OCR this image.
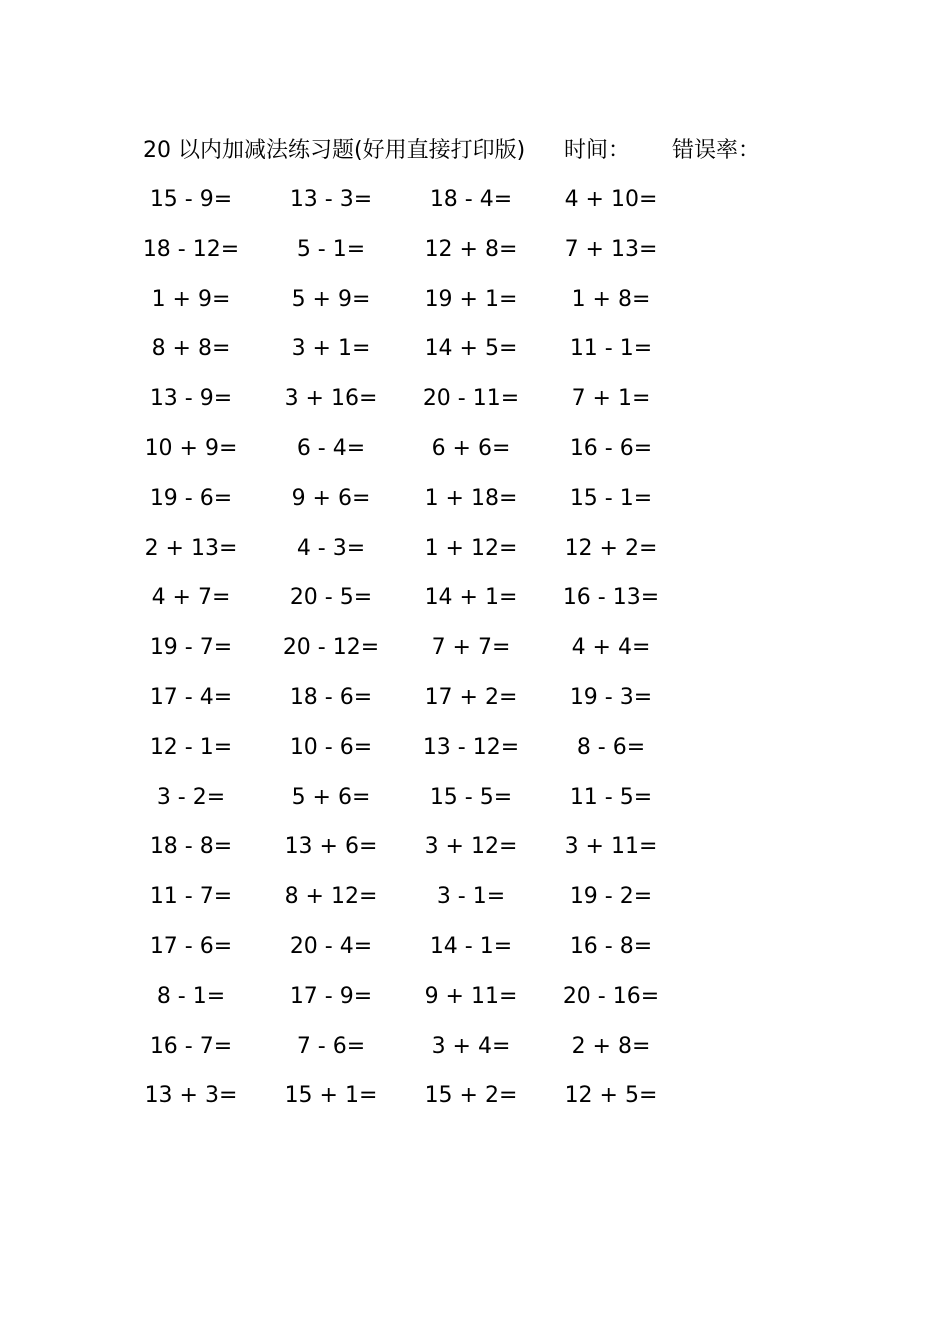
20 以内加减法练习题(好用直接打印版) 时间： 错误率：
15 - 9=	13 - 3=	18 - 4=	4 + 10=
18 - 12=	5 - 1=	12 + 8=	7 + 13=
1 + 9=	5 + 9=	19 + 1=	1 + 8=
8 + 8=	3 + 1=	14 + 5=	11 - 1=
13 - 9=	3 + 16=	20 - 11=	7 + 1=
10 + 9=	6 - 4=	6 + 6=	16 - 6=
19 - 6=	9 + 6=	1 + 18=	15 - 1=
2 + 13=	4 - 3=	1 + 12=	12 + 2=
4 + 7=	20 - 5=	14 + 1=	16 - 13=
19 - 7=	20 - 12=	7 + 7=	4 + 4=
17 - 4=	18 - 6=	17 + 2=	19 - 3=
12 - 1=	10 - 6=	13 - 12=	8 - 6=
3 - 2=	5 + 6=	15 - 5=	11 - 5=
18 - 8=	13 + 6=	3 + 12=	3 + 11=
11 - 7=	8 + 12=	3 - 1=	19 - 2=
17 - 6=	20 - 4=	14 - 1=	16 - 8=
8 - 1=	17 - 9=	9 + 11=	20 - 16=
16 - 7=	7 - 6=	3 + 4=	2 + 8=
13 + 3=	15 + 1=	15 + 2=	12 + 5=
